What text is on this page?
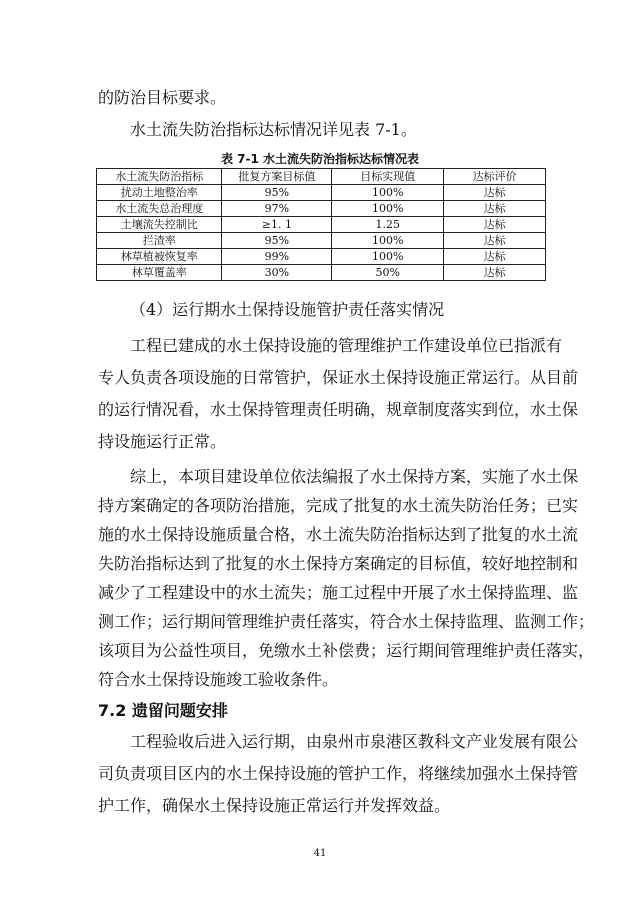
的防治目标要求。
水土流失防治指标达标情况详见表 7-1。
表 7-1 水土流失防治指标达标情况表
水土流失防治指标	批复方案目标值	目标实现值	达标评价
扰动土地整治率	95%	100%	达标
水土流失总治理度	97%	100%	达标
土壤流失控制比	≥1. 1	1.25	达标
拦渣率	95%	100%	达标
林草植被恢复率	99%	100%	达标
林草覆盖率	30%	50%	达标
（4）运行期水土保持设施管护责任落实情况
工程已建成的水土保持设施的管理维护工作建设单位已指派有
专人负责各项设施的日常管护，保证水土保持设施正常运行。从目前
的运行情况看，水土保持管理责任明确，规章制度落实到位，水土保
持设施运行正常。
综上，本项目建设单位依法编报了水土保持方案，实施了水土保
持方案确定的各项防治措施，完成了批复的水土流失防治任务；已实
施的水土保持设施质量合格，水土流失防治指标达到了批复的水土流
失防治指标达到了批复的水土保持方案确定的目标值，较好地控制和
减少了工程建设中的水土流失；施工过程中开展了水土保持监理、监
测工作；运行期间管理维护责任落实，符合水土保持监理、监测工作；
该项目为公益性项目，免缴水土补偿费；运行期间管理维护责任落实，
7.2 遗留问题安排
工程验收后进入运行期，由泉州市泉港区教科文产业发展有限公
司负责项目区内的水土保持设施的管护工作，将继续加强水土保持管
护工作，确保水土保持设施正常运行并发挥效益。
41
符合水土保持设施竣工验收条件。
